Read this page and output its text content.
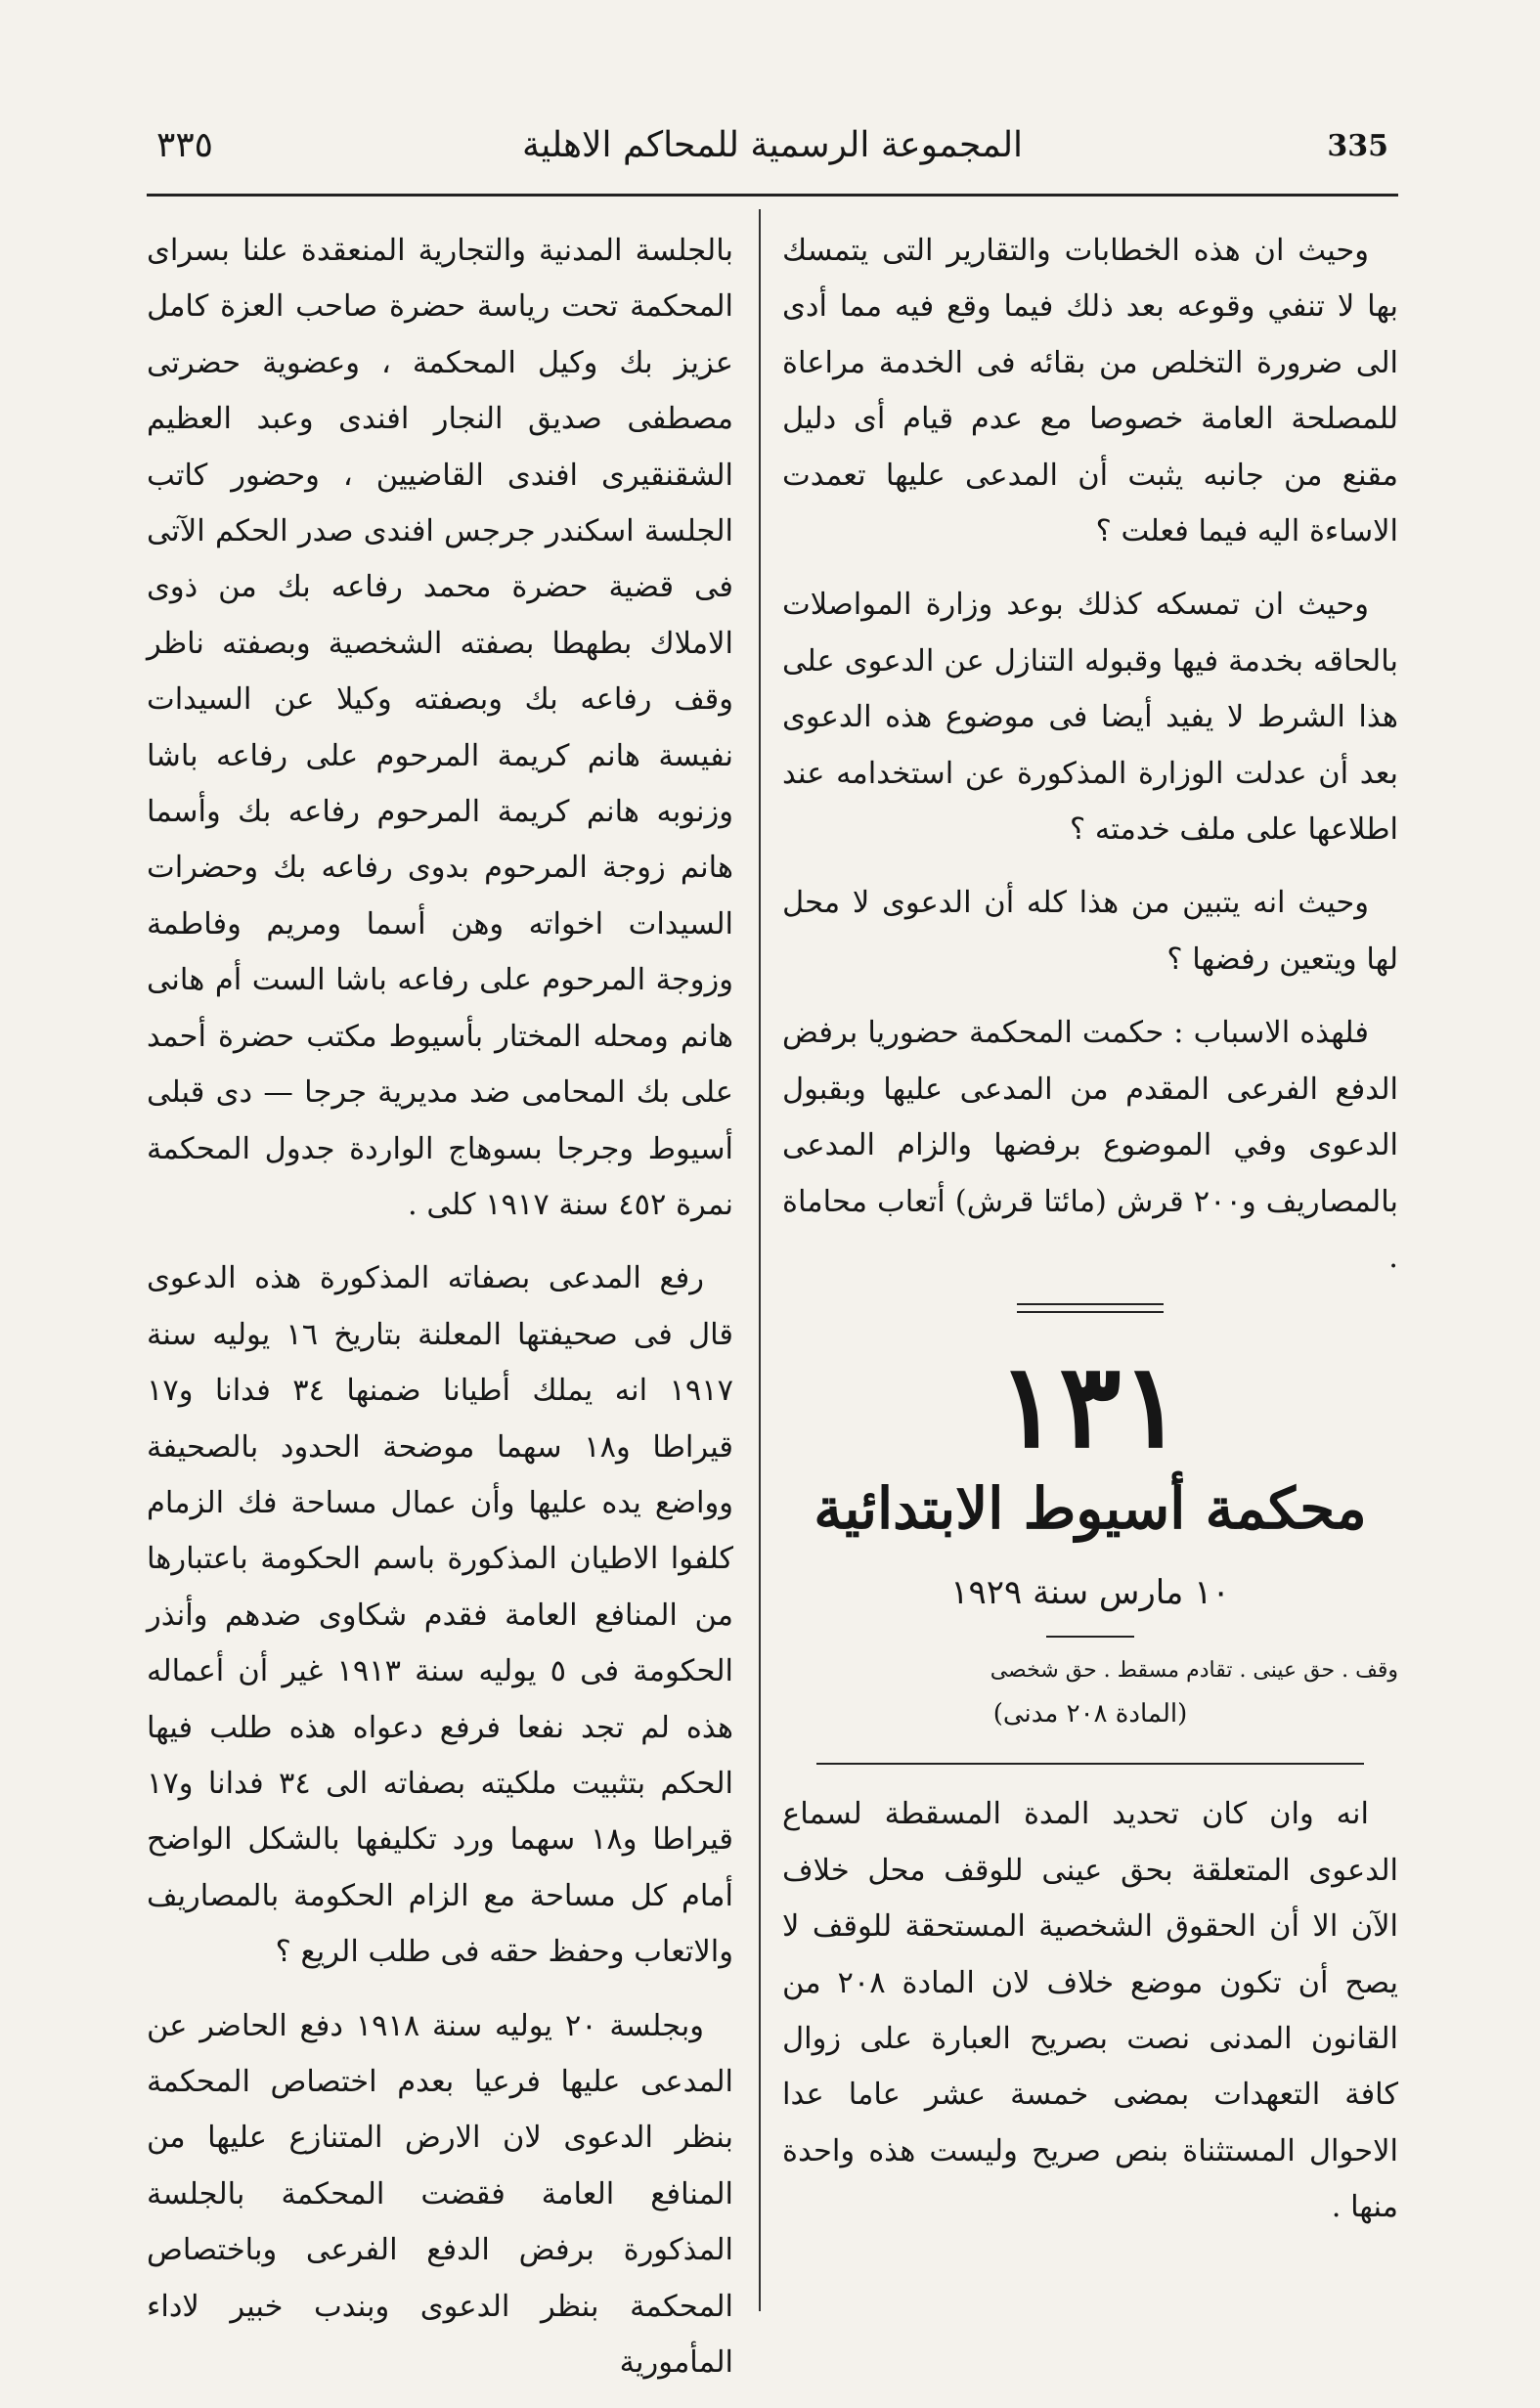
٣٣٥	المجموعة الرسمية للمحاكم الاهلية	335

وحيث ان هذه الخطابات والتقارير التى يتمسك بها لا تنفي وقوعه بعد ذلك فيما وقع فيه مما أدى الى ضرورة التخلص من بقائه فى الخدمة مراعاة للمصلحة العامة خصوصا مع عدم قيام أى دليل مقنع من جانبه يثبت أن المدعى عليها تعمدت الاساءة اليه فيما فعلت ؟

وحيث ان تمسكه كذلك بوعد وزارة المواصلات بالحاقه بخدمة فيها وقبوله التنازل عن الدعوى على هذا الشرط لا يفيد أيضا فى موضوع هذه الدعوى بعد أن عدلت الوزارة المذكورة عن استخدامه عند اطلاعها على ملف خدمته ؟

وحيث انه يتبين من هذا كله أن الدعوى لا محل لها ويتعين رفضها ؟

فلهذه الاسباب : حكمت المحكمة حضوريا برفض الدفع الفرعى المقدم من المدعى عليها وبقبول الدعوى وفي الموضوع برفضها والزام المدعى بالمصاريف و٢٠٠ قرش (مائتا قرش) أتعاب محاماة .

١٣١
محكمة أسيوط الابتدائية
١٠ مارس سنة ١٩٢٩
وقف . حق عينى . تقادم مسقط . حق شخصى
(المادة ٢٠٨ مدنى)

انه وان كان تحديد المدة المسقطة لسماع الدعوى المتعلقة بحق عينى للوقف محل خلاف الآن الا أن الحقوق الشخصية المستحقة للوقف لا يصح أن تكون موضع خلاف لان المادة ٢٠٨ من القانون المدنى نصت بصريح العبارة على زوال كافة التعهدات بمضى خمسة عشر عاما عدا الاحوال المستثناة بنص صريح وليست هذه واحدة منها .

بالجلسة المدنية والتجارية المنعقدة علنا بسراى المحكمة تحت رياسة حضرة صاحب العزة كامل عزيز بك وكيل المحكمة ، وعضوية حضرتى مصطفى صديق النجار افندى وعبد العظيم الشقنقيرى افندى القاضيين ، وحضور كاتب الجلسة اسكندر جرجس افندى صدر الحكم الآتى فى قضية حضرة محمد رفاعه بك من ذوى الاملاك بطهطا بصفته الشخصية وبصفته ناظر وقف رفاعه بك وبصفته وكيلا عن السيدات نفيسة هانم كريمة المرحوم على رفاعه باشا وزنوبه هانم كريمة المرحوم رفاعه بك وأسما هانم زوجة المرحوم بدوى رفاعه بك وحضرات السيدات اخواته وهن أسما ومريم وفاطمة وزوجة المرحوم على رفاعه باشا الست أم هانى هانم ومحله المختار بأسيوط مكتب حضرة أحمد على بك المحامى ضد مديرية جرجا — دى قبلى أسيوط وجرجا بسوهاج الواردة جدول المحكمة نمرة ٤٥٢ سنة ١٩١٧ كلى .

رفع المدعى بصفاته المذكورة هذه الدعوى قال فى صحيفتها المعلنة بتاريخ ١٦ يوليه سنة ١٩١٧ انه يملك أطيانا ضمنها ٣٤ فدانا و١٧ قيراطا و١٨ سهما موضحة الحدود بالصحيفة وواضع يده عليها وأن عمال مساحة فك الزمام كلفوا الاطيان المذكورة باسم الحكومة باعتبارها من المنافع العامة فقدم شكاوى ضدهم وأنذر الحكومة فى ٥ يوليه سنة ١٩١٣ غير أن أعماله هذه لم تجد نفعا فرفع دعواه هذه طلب فيها الحكم بتثبيت ملكيته بصفاته الى ٣٤ فدانا و١٧ قيراطا و١٨ سهما ورد تكليفها بالشكل الواضح أمام كل مساحة مع الزام الحكومة بالمصاريف والاتعاب وحفظ حقه فى طلب الريع ؟

وبجلسة ٢٠ يوليه سنة ١٩١٨ دفع الحاضر عن المدعى عليها فرعيا بعدم اختصاص المحكمة بنظر الدعوى لان الارض المتنازع عليها من المنافع العامة فقضت المحكمة بالجلسة المذكورة برفض الدفع الفرعى وباختصاص المحكمة بنظر الدعوى وبندب خبير لاداء المأمورية
